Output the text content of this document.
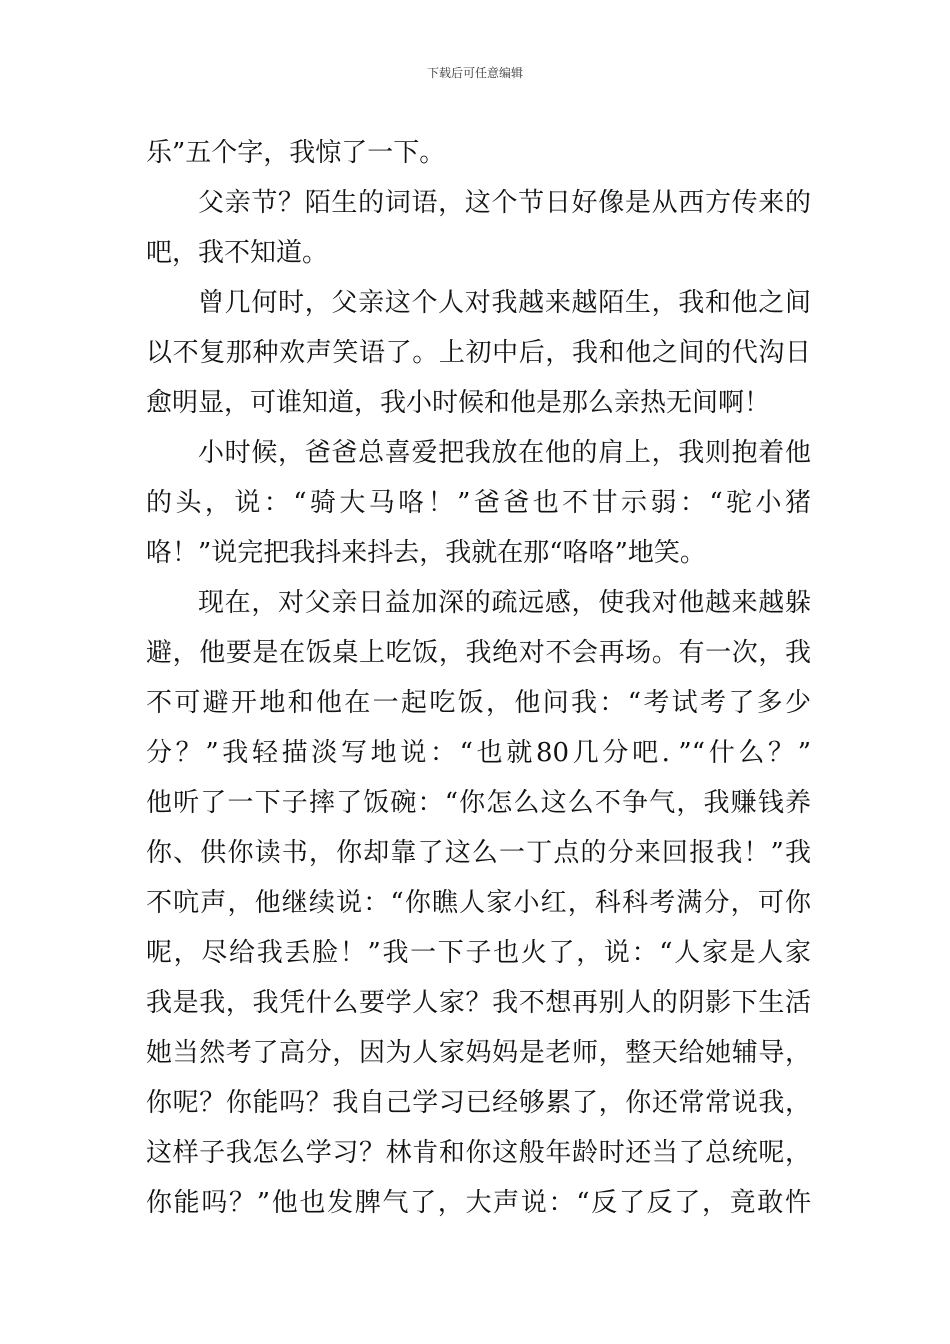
下载后可任意编辑
乐”五个字，我惊了一下。
父亲节？陌生的词语，这个节日好像是从西方传来的
吧，我不知道。
曾几何时，父亲这个人对我越来越陌生，我和他之间
以不复那种欢声笑语了。上初中后，我和他之间的代沟日
愈明显，可谁知道，我小时候和他是那么亲热无间啊！
小时候，爸爸总喜爱把我放在他的肩上，我则抱着他
的头，说：“骑大马咯！”爸爸也不甘示弱：“驼小猪
咯！”说完把我抖来抖去，我就在那“咯咯”地笑。
现在，对父亲日益加深的疏远感，使我对他越来越躲
避，他要是在饭桌上吃饭，我绝对不会再场。有一次，我
不可避开地和他在一起吃饭，他问我：“考试考了多少
分？”我轻描淡写地说：“也就80几分吧．”“什么？”
他听了一下子摔了饭碗：“你怎么这么不争气，我赚钱养
你、供你读书，你却靠了这么一丁点的分来回报我！”我
不吭声，他继续说：“你瞧人家小红，科科考满分，可你
呢，尽给我丢脸！”我一下子也火了，说：“人家是人家
我是我，我凭什么要学人家？我不想再别人的阴影下生活
她当然考了高分，因为人家妈妈是老师，整天给她辅导，
你呢？你能吗？我自己学习已经够累了，你还常常说我，
这样子我怎么学习？林肯和你这般年龄时还当了总统呢，
你能吗？”他也发脾气了，大声说：“反了反了，竟敢忤
